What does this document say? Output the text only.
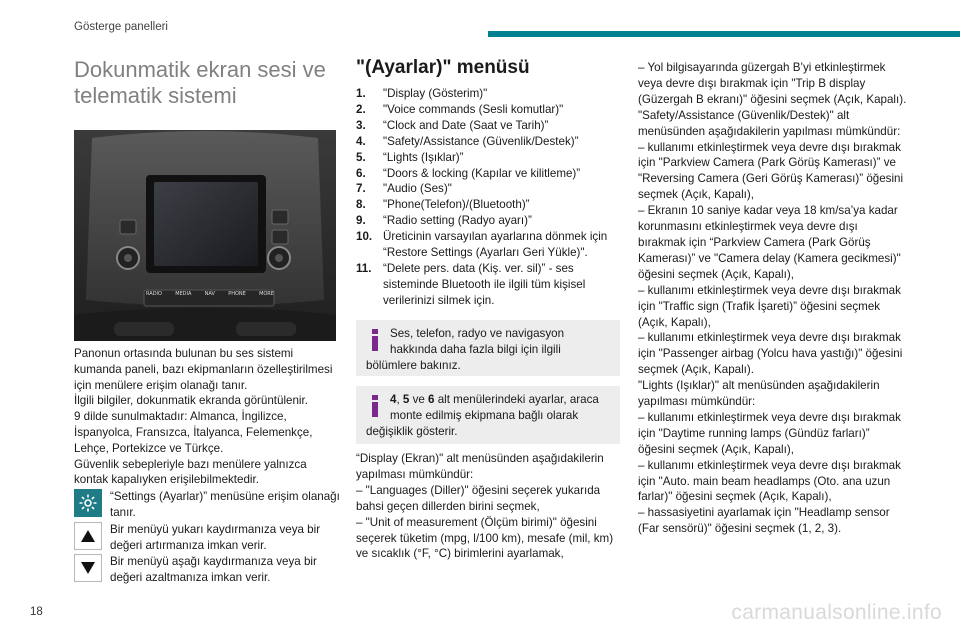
Gösterge panelleri
Dokunmatik ekran sesi ve telematik sistemi
RADIO	MEDIA	NAV	PHONE	MORE

Panonun ortasında bulunan bu ses sistemi kumanda paneli, bazı ekipmanların özelleştirilmesi için menülere erişim olanağı tanır.

İlgili bilgiler, dokunmatik ekranda görüntülenir.

9 dilde sunulmaktadır: Almanca, İngilizce, İspanyolca, Fransızca, İtalyanca, Felemenkçe, Lehçe, Portekizce ve Türkçe.

Güvenlik sebepleriyle bazı menülere yalnızca kontak kapalıyken erişilebilmektedir.

“Settings (Ayarlar)” menüsüne erişim olanağı tanır.
Bir menüyü yukarı kaydırmanıza veya bir değeri artırmanıza imkan verir.
Bir menüyü aşağı kaydırmanıza veya bir değeri azaltmanıza imkan verir.
"(Ayarlar)" menüsü
1.	"Display (Gösterim)"
2.	"Voice commands (Sesli komutlar)"
3.	“Clock and Date (Saat ve Tarih)”
4.	"Safety/Assistance (Güvenlik/Destek)”
5.	“Lights (Işıklar)”
6.	“Doors & locking (Kapılar ve kilitleme)”
7.	"Audio (Ses)"
8.	"Phone(Telefon)/(Bluetooth)”
9.	“Radio setting (Radyo ayarı)”
10. Üreticinin varsayılan ayarlarına dönmek için “Restore Settings (Ayarları Geri Yükle)".
11. “Delete pers. data (Kiş. ver. sil)” - ses sisteminde Bluetooth ile ilgili tüm kişisel verilerinizi silmek için.
Ses, telefon, radyo ve navigasyon hakkında daha fazla bilgi için ilgili bölümlere bakınız.
4, 5 ve 6 alt menülerindeki ayarlar, araca monte edilmiş ekipmana bağlı olarak değişiklik gösterir.

“Display (Ekran)" alt menüsünden aşağıdakilerin yapılması mümkündür:

– "Languages (Diller)" öğesini seçerek yukarıda bahsi geçen dillerden birini seçmek,

– "Unit of measurement (Ölçüm birimi)" öğesini seçerek tüketim (mpg, l/100 km), mesafe (mil, km) ve sıcaklık (°F, °C) birimlerini ayarlamak,

– Yol bilgisayarında güzergah B’yi etkinleştirmek veya devre dışı bırakmak için "Trip B display (Güzergah B ekranı)" öğesini seçmek (Açık, Kapalı).

"Safety/Assistance (Güvenlik/Destek)" alt menüsünden aşağıdakilerin yapılması mümkündür:

– kullanımı etkinleştirmek veya devre dışı bırakmak için "Parkview Camera (Park Görüş Kamerası)” ve "Reversing Camera (Geri Görüş Kamerası)” öğesini seçmek (Açık, Kapalı),

– Ekranın 10 saniye kadar veya 18 km/sa’ya kadar korunmasını etkinleştirmek veya devre dışı bırakmak için “Parkview Camera (Park Görüş Kamerası)” ve "Camera delay (Kamera gecikmesi)" öğesini seçmek (Açık, Kapalı),

– kullanımı etkinleştirmek veya devre dışı bırakmak için "Traffic sign (Trafik İşareti)” öğesini seçmek (Açık, Kapalı),

– kullanımı etkinleştirmek veya devre dışı bırakmak için "Passenger airbag (Yolcu hava yastığı)" öğesini seçmek (Açık, Kapalı).

"Lights (Işıklar)" alt menüsünden aşağıdakilerin yapılması mümkündür:

– kullanımı etkinleştirmek veya devre dışı bırakmak için "Daytime running lamps (Gündüz farları)” öğesini seçmek (Açık, Kapalı),

– kullanımı etkinleştirmek veya devre dışı bırakmak için "Auto. main beam headlamps (Oto. ana uzun farlar)" öğesini seçmek (Açık, Kapalı),

– hassasiyetini ayarlamak için "Headlamp sensor (Far sensörü)" öğesini seçmek (1, 2, 3).

18	carmanualsonline.info
